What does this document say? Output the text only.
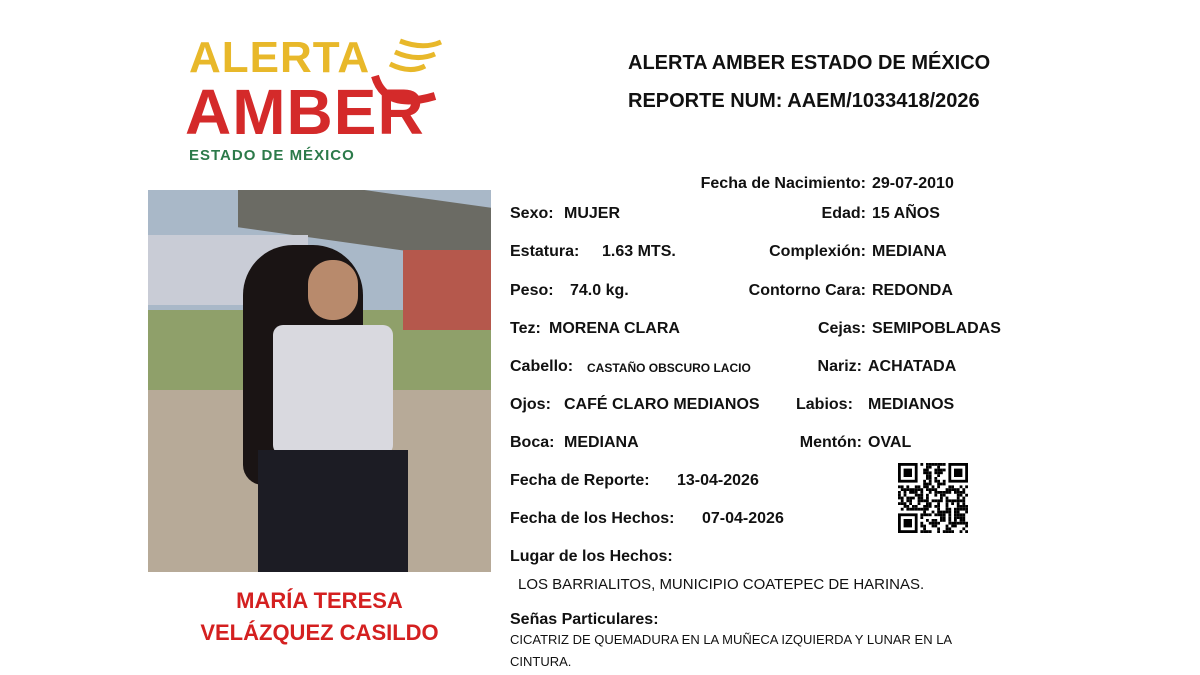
ALERTA
AMBER
ESTADO DE MÉXICO
ALERTA AMBER ESTADO DE MÉXICO
REPORTE NUM: AAEM/1033418/2026
MARÍA TERESA
VELÁZQUEZ CASILDO
Fecha de Nacimiento: 29-07-2010
Sexo: MUJER	Edad: 15 AÑOS
Estatura: 1.63 MTS.	Complexión: MEDIANA
Peso: 74.0 kg.	Contorno Cara: REDONDA
Tez: MORENA CLARA	Cejas: SEMIPOBLADAS
Cabello: CASTAÑO OBSCURO LACIO	Nariz: ACHATADA
Ojos: CAFÉ CLARO MEDIANOS Labios: MEDIANOS
Boca: MEDIANA	Mentón: OVAL
Fecha de Reporte: 13-04-2026
Fecha de los Hechos: 07-04-2026
Lugar de los Hechos:
LOS BARRIALITOS, MUNICIPIO COATEPEC DE HARINAS.
Señas Particulares:
CICATRIZ DE QUEMADURA EN LA MUÑECA IZQUIERDA Y LUNAR EN LA
CINTURA.
